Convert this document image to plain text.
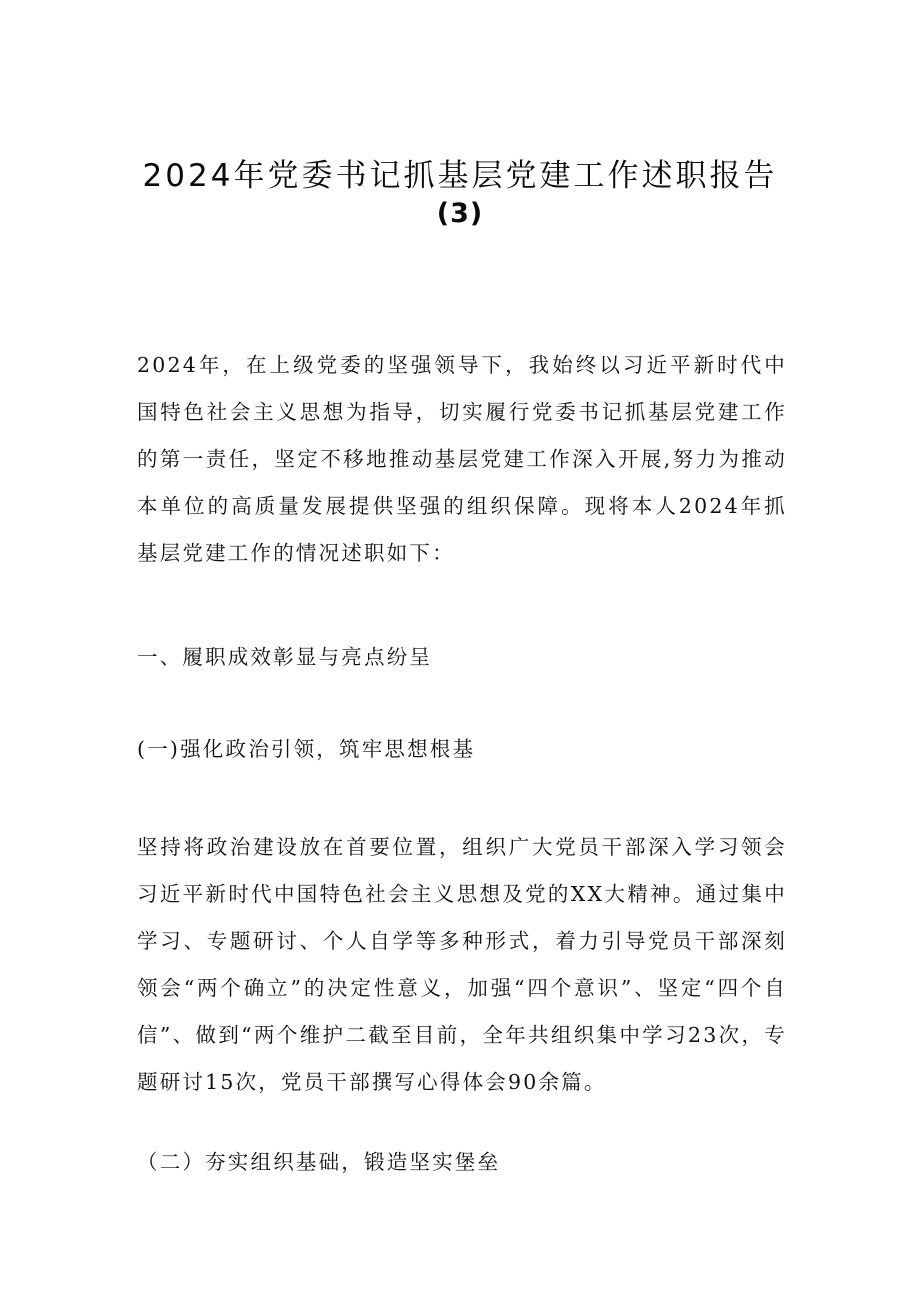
2024年党委书记抓基层党建工作述职报告
(3)

2024年，在上级党委的坚强领导下，我始终以习近平新时代中国特色社会主义思想为指导，切实履行党委书记抓基层党建工作的第一责任，坚定不移地推动基层党建工作深入开展,努力为推动本单位的高质量发展提供坚强的组织保障。现将本人2024年抓基层党建工作的情况述职如下：

一、履职成效彰显与亮点纷呈

(一)强化政治引领，筑牢思想根基

坚持将政治建设放在首要位置，组织广大党员干部深入学习领会习近平新时代中国特色社会主义思想及党的XX大精神。通过集中学习、专题研讨、个人自学等多种形式，着力引导党员干部深刻领会“两个确立”的决定性意义，加强“四个意识”、坚定“四个自信”、做到“两个维护二截至目前，全年共组织集中学习23次，专题研讨15次，党员干部撰写心得体会90余篇。

（二）夯实组织基础，锻造坚实堡垒
